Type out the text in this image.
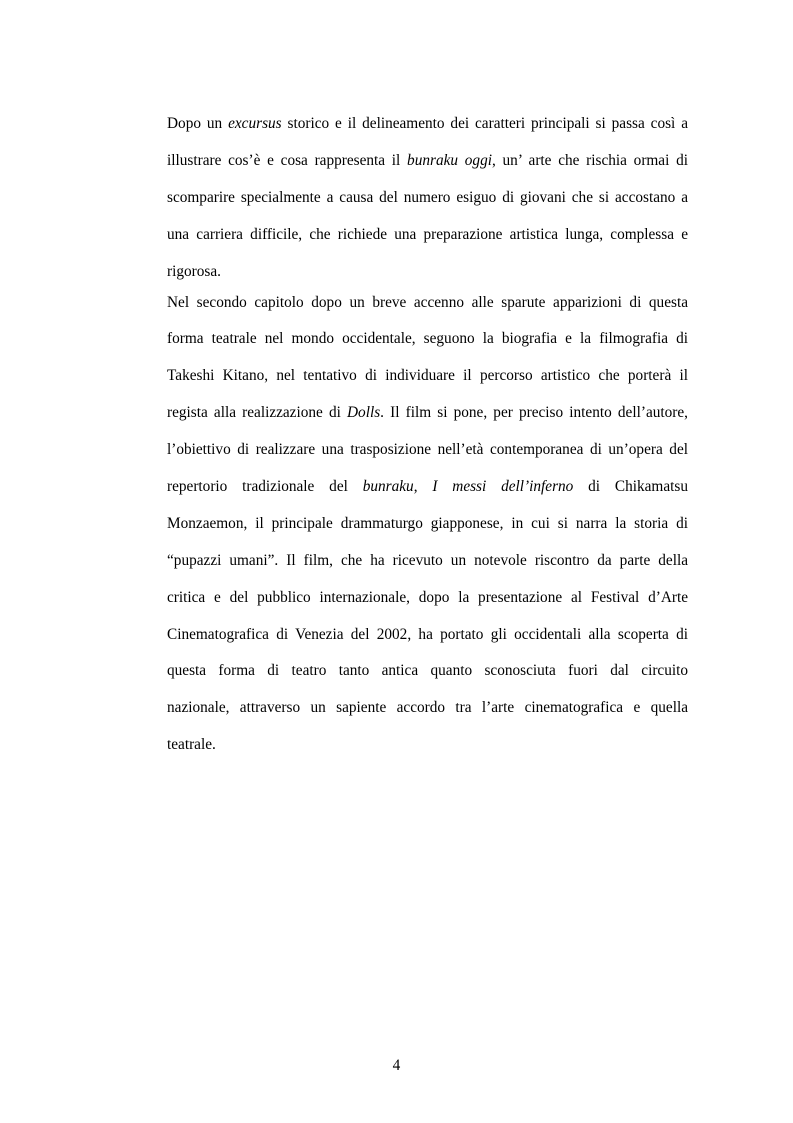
Dopo un excursus storico e il delineamento dei caratteri principali si passa così a
illustrare cos’è e cosa rappresenta il bunraku oggi, un’ arte che rischia ormai di
scomparire specialmente a causa del numero esiguo di giovani che si accostano a
una carriera difficile, che richiede una preparazione artistica lunga, complessa e
rigorosa.
Nel secondo capitolo dopo un breve accenno alle sparute apparizioni di questa
forma teatrale nel mondo occidentale, seguono la biografia e la filmografia di
Takeshi Kitano, nel tentativo di individuare il percorso artistico che porterà il
regista alla realizzazione di Dolls. Il film si pone, per preciso intento dell’autore,
l’obiettivo di realizzare una trasposizione nell’età contemporanea di un’opera del
repertorio tradizionale del bunraku, I messi dell’inferno di Chikamatsu
Monzaemon, il principale drammaturgo giapponese, in cui si narra la storia di
“pupazzi umani”. Il film, che ha ricevuto un notevole riscontro da parte della
critica e del pubblico internazionale, dopo la presentazione al Festival d’Arte
Cinematografica di Venezia del 2002, ha portato gli occidentali alla scoperta di
questa forma di teatro tanto antica quanto sconosciuta fuori dal circuito
nazionale, attraverso un sapiente accordo tra l’arte cinematografica e quella
teatrale.
4
